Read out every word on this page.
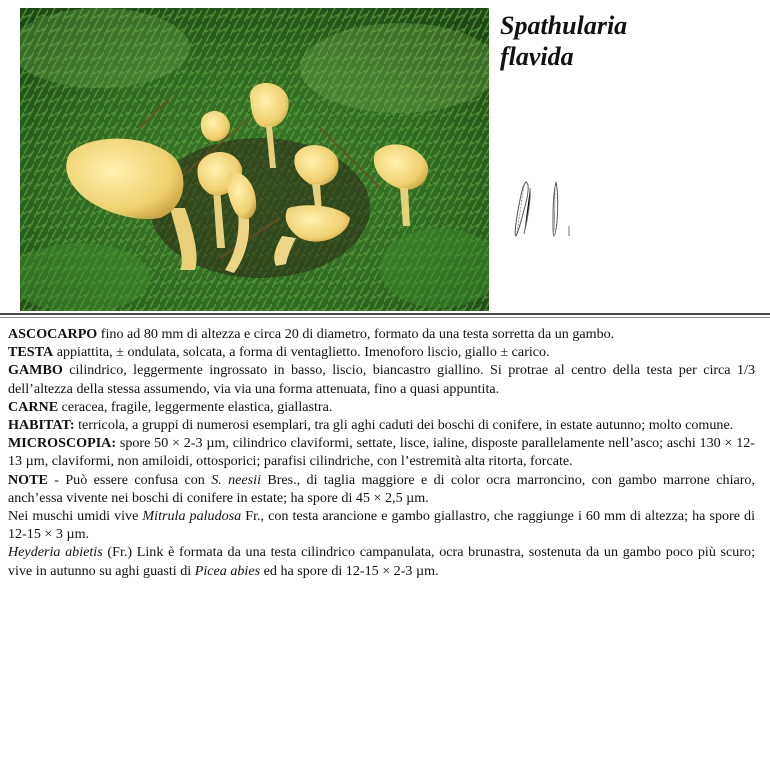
Spathularia
flavida

ASCOCARPO fino ad 80 mm di altezza e circa 20 di diametro, formato da una testa sorretta da un gambo.

TESTA appiattita, ± ondulata, solcata, a forma di ventaglietto. Imenoforo liscio, giallo ± carico.

GAMBO cilindrico, leggermente ingrossato in basso, liscio, biancastro giallino. Si protrae al centro della testa per circa 1/3 dell’altezza della stessa assumendo, via via una forma attenuata, fino a quasi appuntita.

CARNE ceracea, fragile, leggermente elastica, giallastra.

HABITAT: terricola, a gruppi di numerosi esemplari, tra gli aghi caduti dei boschi di conifere, in estate autunno; molto comune.

MICROSCOPIA: spore 50 × 2-3 µm, cilindrico claviformi, settate, lisce, ialine, disposte parallelamente nell’asco; aschi 130 × 12-13 µm, claviformi, non amiloidi, ottosporici; parafisi cilindriche, con l’estremità alta ritorta, forcate.

NOTE - Può essere confusa con S. neesii Bres., di taglia maggiore e di color ocra marroncino, con gambo marrone chiaro, anch’essa vivente nei boschi di conifere in estate; ha spore di 45 × 2,5 µm.

Nei muschi umidi vive Mitrula paludosa Fr., con testa arancione e gambo giallastro, che raggiunge i 60 mm di altezza; ha spore di 12-15 × 3 µm.

Heyderia abietis (Fr.) Link è formata da una testa cilindrico campanulata, ocra brunastra, sostenuta da un gambo poco più scuro; vive in autunno su aghi guasti di Picea abies ed ha spore di 12-15 × 2-3 µm.
